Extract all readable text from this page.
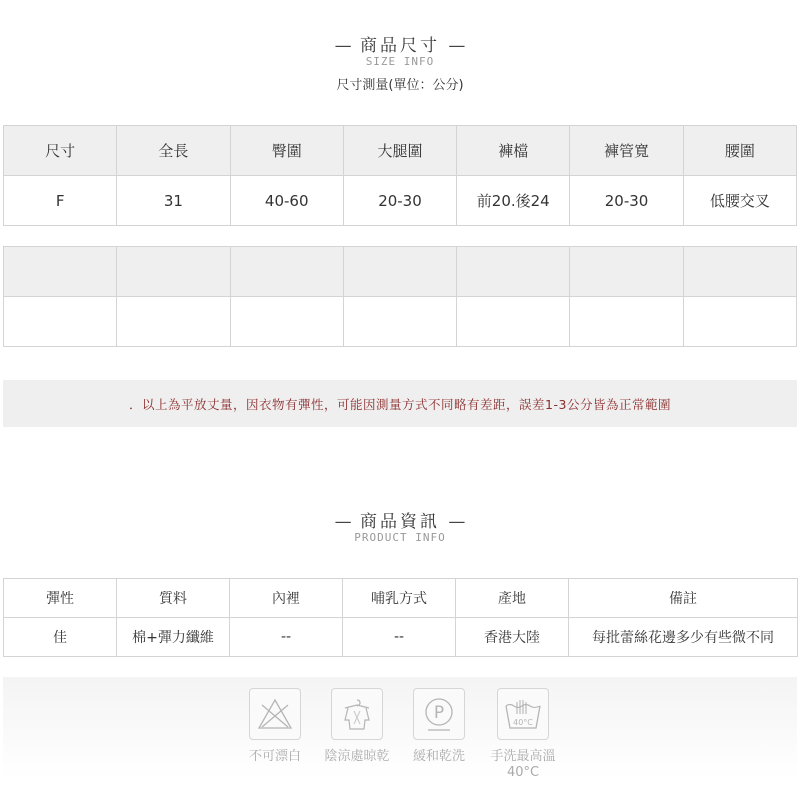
— 商品尺寸 —
SIZE INFO
尺寸測量(單位：公分)
尺寸	全長	臀圍	大腿圍	褲檔	褲管寬	腰圍
F	31	40-60	20-30	前20.後24	20-30	低腰交叉

．以上為平放丈量，因衣物有彈性，可能因測量方式不同略有差距，誤差1-3公分皆為正常範圍
— 商品資訊 —
PRODUCT INFO
彈性	質料	內裡	哺乳方式	產地	備註
佳	棉+彈力纖維	--	--	香港大陸	每批蕾絲花邊多少有些微不同
不可漂白	陰涼處晾乾
P
緩和乾洗
40°C
手洗最高溫
40°C
